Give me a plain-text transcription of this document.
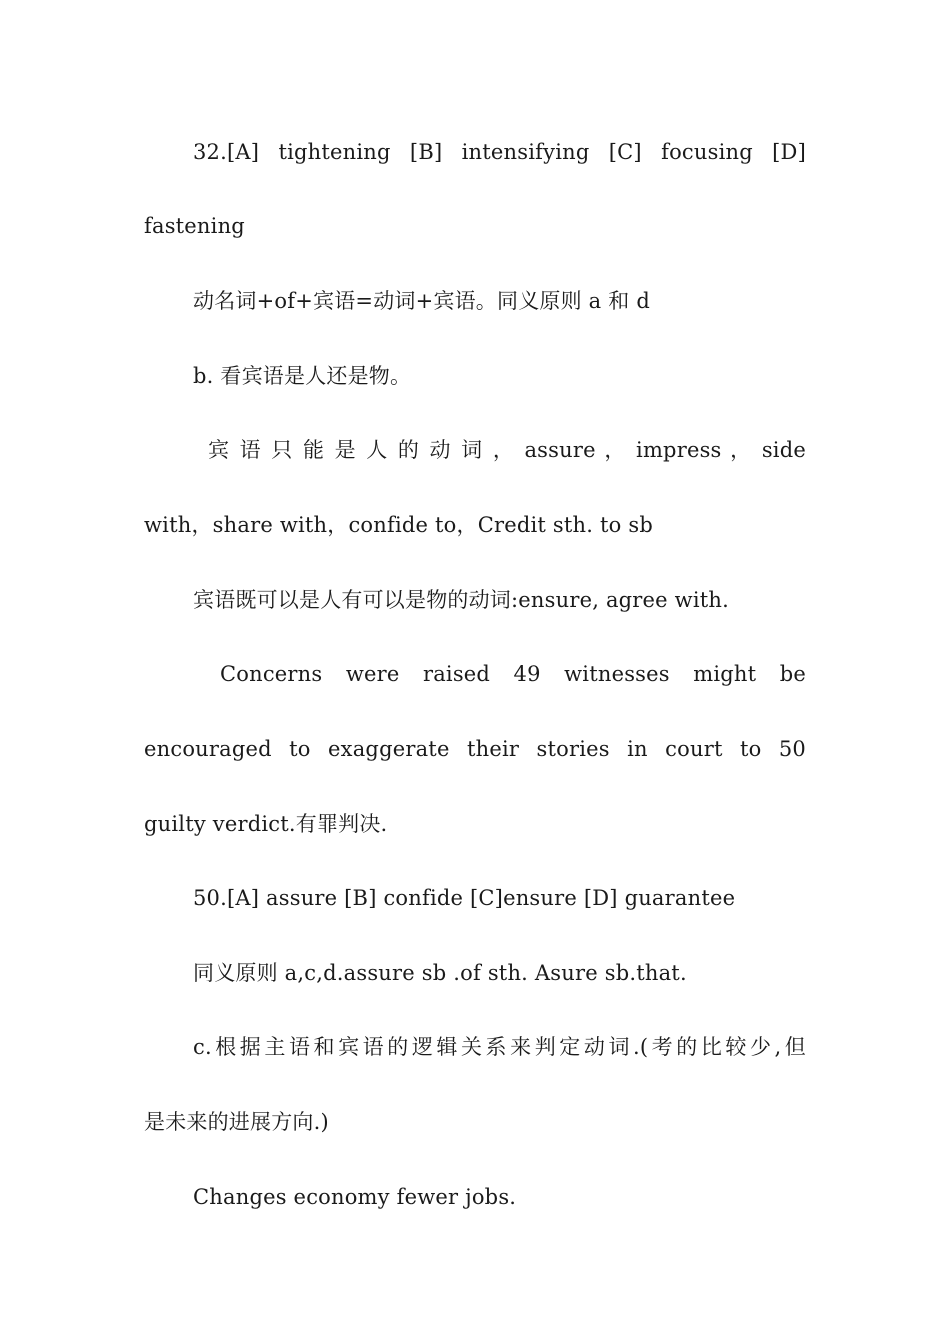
32.[A] tightening [B] intensifying [C] focusing [D]
fastening
动名词+of+宾语=动词+宾语。同义原则 a 和 d
b. 看宾语是人还是物。
宾 语 只 能 是 人 的 动 词 ， assure ， impress ， side
with，share with，confide to，Credit sth. to sb
宾语既可以是人有可以是物的动词:ensure, agree with.
Concerns were raised 49 witnesses might be
encouraged to exaggerate their stories in court to 50
guilty verdict.有罪判决.
50.[A] assure [B] confide [C]ensure [D] guarantee
同义原则 a,c,d.assure sb .of sth. Asure sb.that.
c.根据主语和宾语的逻辑关系来判定动词.(考的比较少,但
是未来的进展方向.)
Changes economy fewer jobs.
